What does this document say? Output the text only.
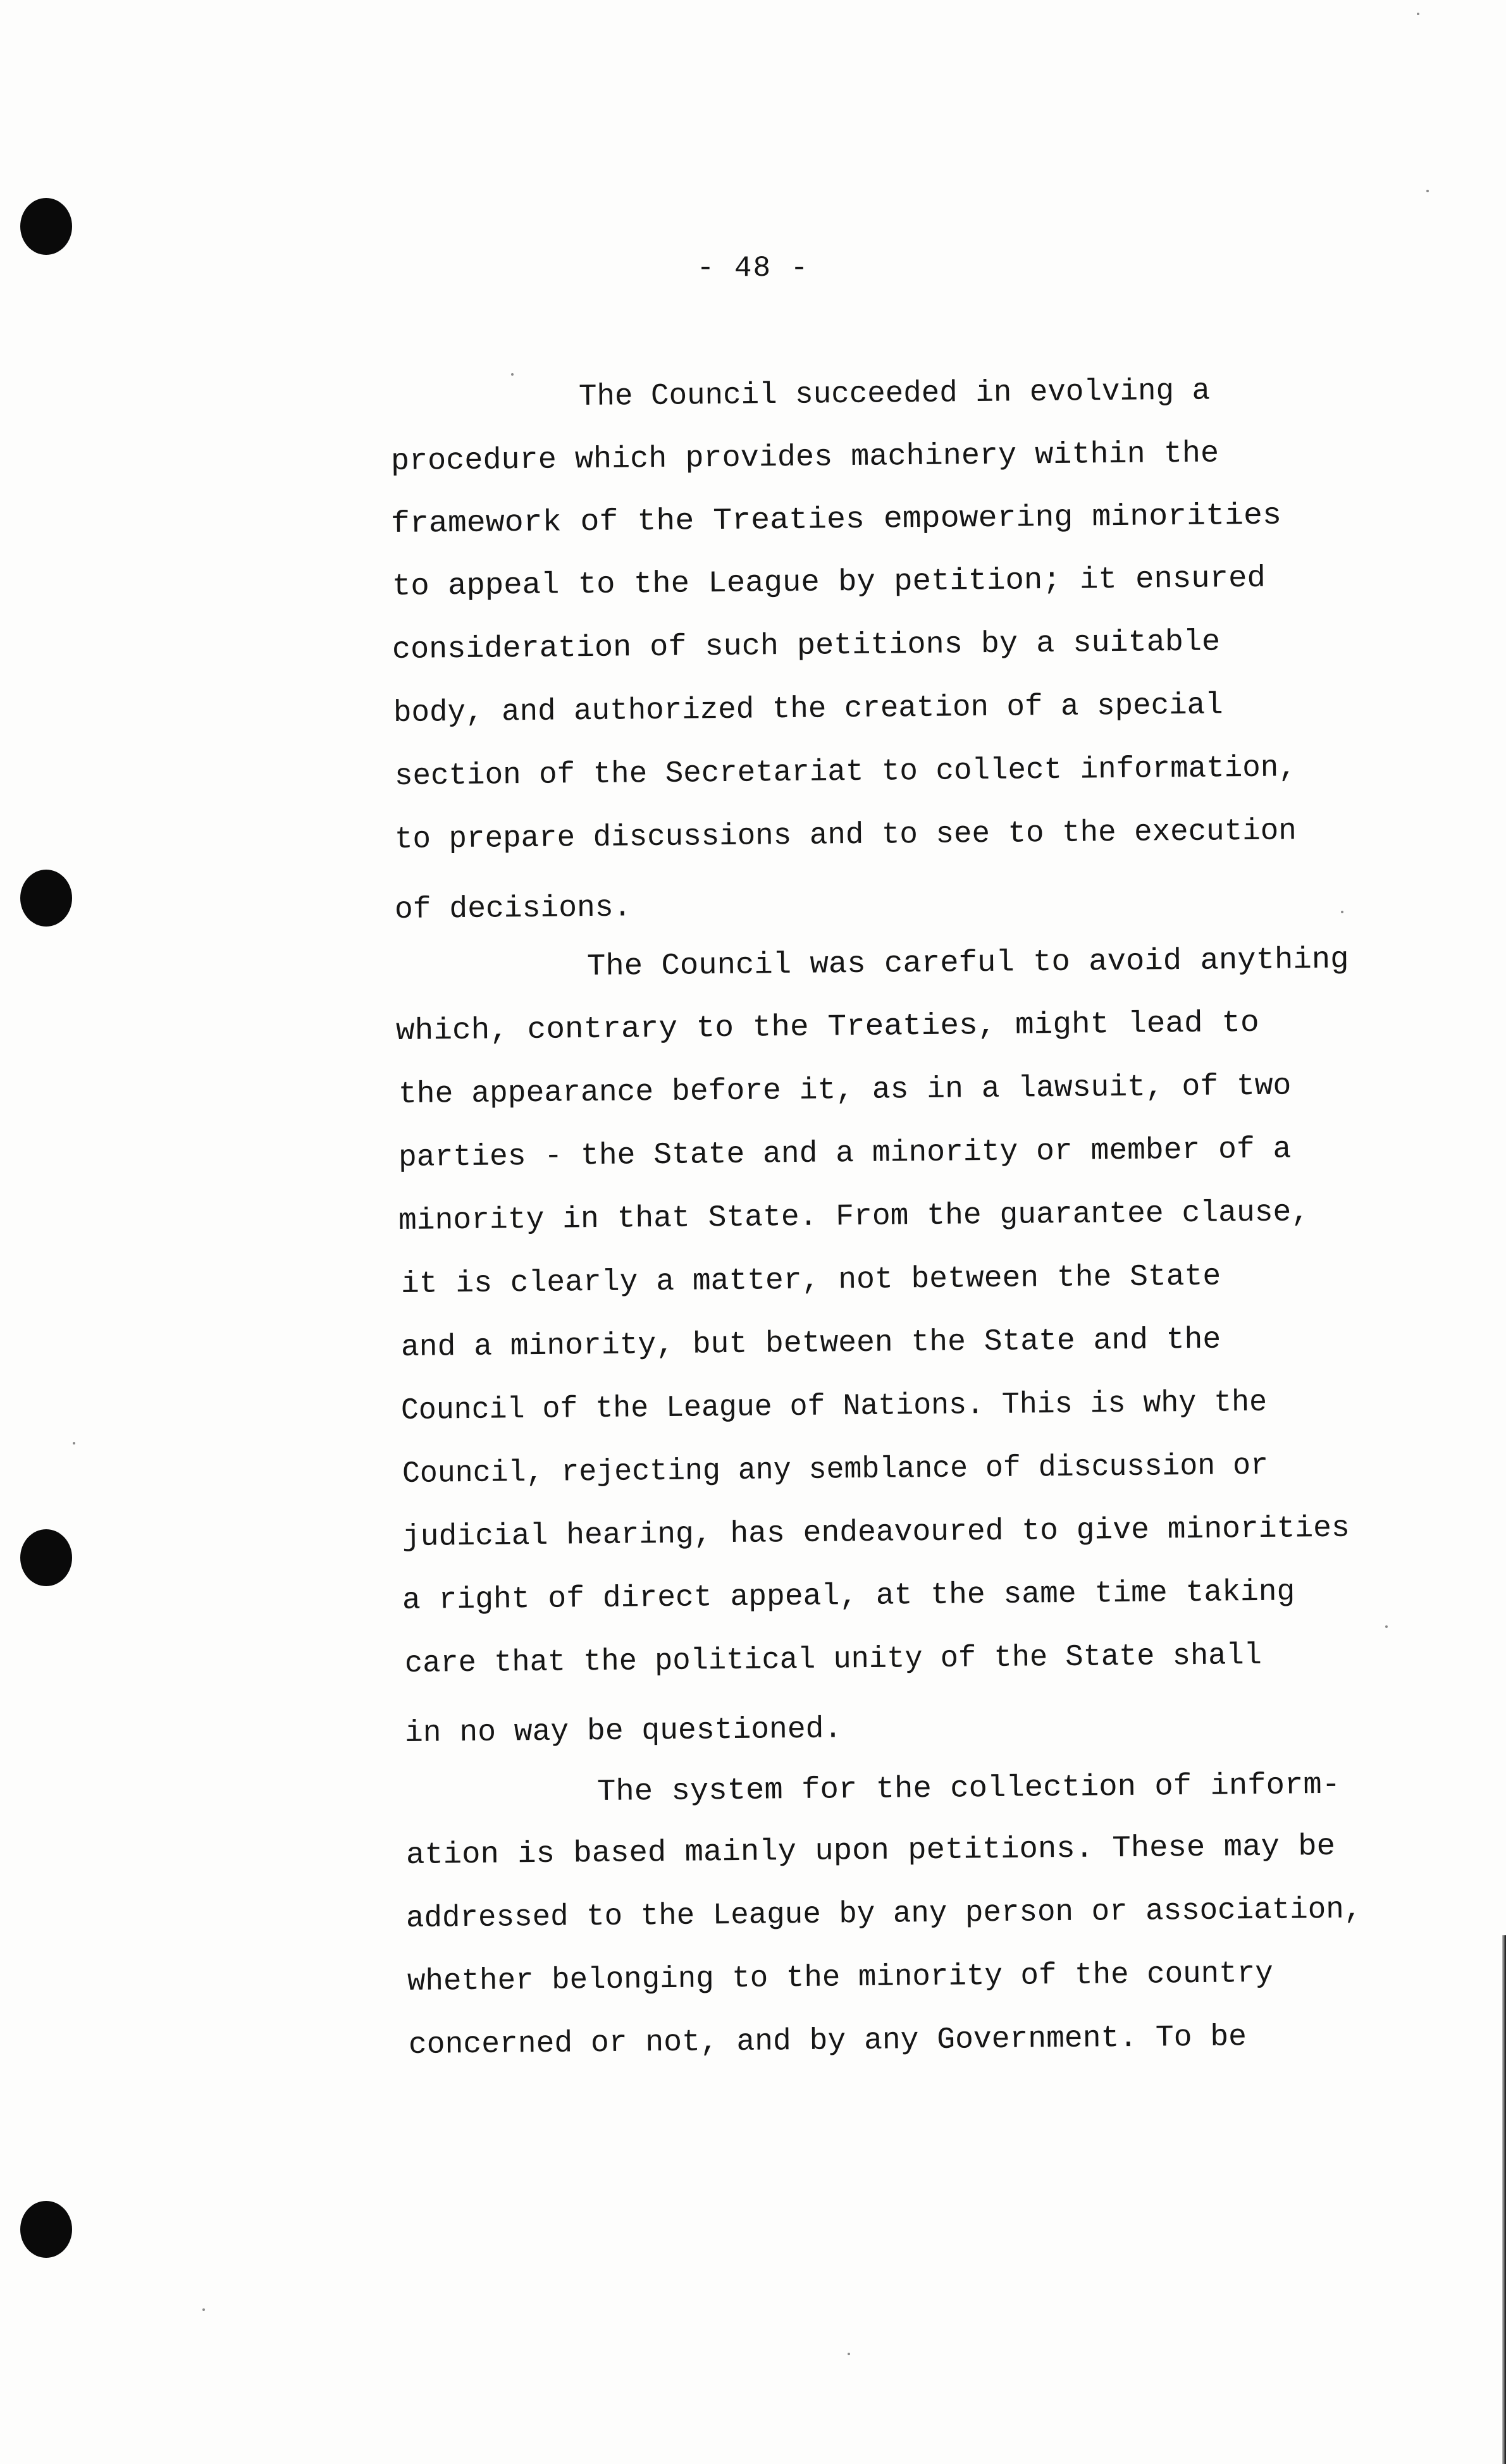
- 48 -
The Council succeeded in evolving a
procedure which provides machinery within the
framework of the Treaties empowering minorities
to appeal to the League by petition; it ensured
consideration of such petitions by a suitable
body, and authorized the creation of a special
section of the Secretariat to collect information,
to prepare discussions and to see to the execution
of decisions.
The Council was careful to avoid anything
which, contrary to the Treaties, might lead to
the appearance before it, as in a lawsuit, of two
parties - the State and a minority or member of a
minority in that State. From the guarantee clause,
it is clearly a matter, not between the State
and a minority, but between the State and the
Council of the League of Nations. This is why the
Council, rejecting any semblance of discussion or
judicial hearing, has endeavoured to give minorities
a right of direct appeal, at the same time taking
care that the political unity of the State shall
in no way be questioned.
The system for the collection of inform-
ation is based mainly upon petitions. These may be
addressed to the League by any person or association,
whether belonging to the minority of the country
concerned or not, and by any Government. To be
